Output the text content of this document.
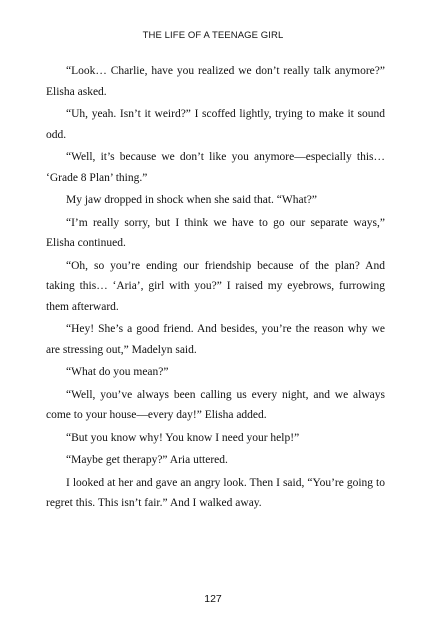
THE LIFE OF A TEENAGE GIRL

“Look… Charlie, have you realized we don’t really talk anymore?” Elisha asked.

“Uh, yeah. Isn’t it weird?” I scoffed lightly, trying to make it sound odd.

“Well, it’s because we don’t like you anymore—especially this… ‘Grade 8 Plan’ thing.”

My jaw dropped in shock when she said that. “What?”

“I’m really sorry, but I think we have to go our separate ways,” Elisha continued.

“Oh, so you’re ending our friendship because of the plan? And taking this… ‘Aria’, girl with you?” I raised my eyebrows, furrowing them afterward.

“Hey! She’s a good friend. And besides, you’re the reason why we are stressing out,” Madelyn said.

“What do you mean?”

“Well, you’ve always been calling us every night, and we always come to your house—every day!” Elisha added.

“But you know why! You know I need your help!”

“Maybe get therapy?” Aria uttered.

I looked at her and gave an angry look. Then I said, “You’re going to regret this. This isn’t fair.” And I walked away.

127
